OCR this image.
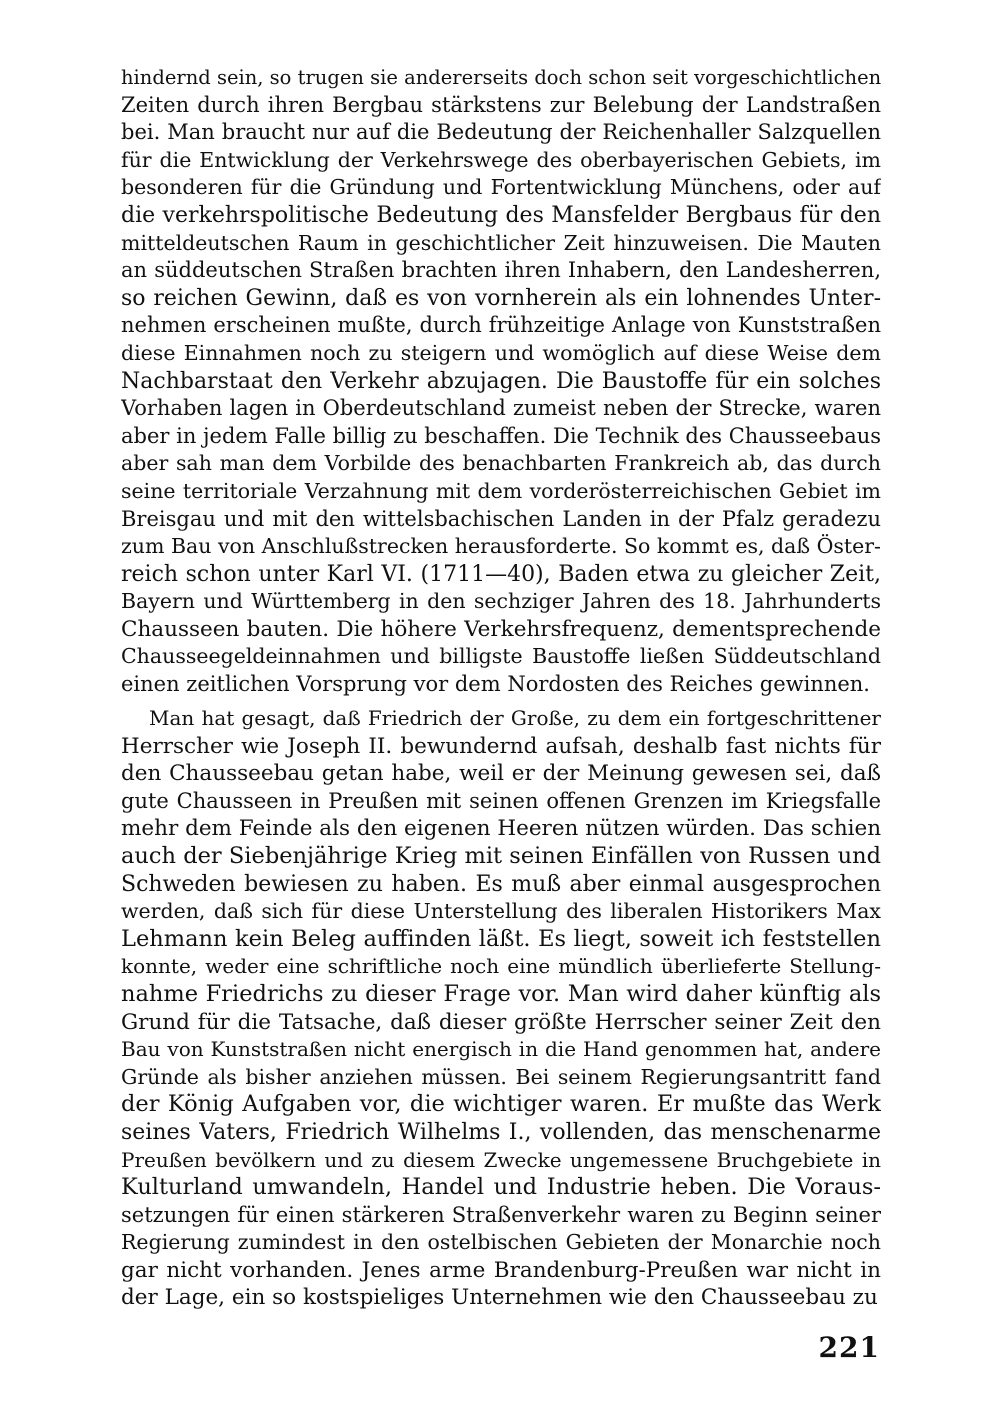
hindernd sein, so trugen sie andererseits doch schon seit vorgeschichtlichen
Zeiten durch ihren Bergbau stärkstens zur Belebung der Landstraßen
bei. Man braucht nur auf die Bedeutung der Reichenhaller Salzquellen
für die Entwicklung der Verkehrswege des oberbayerischen Gebiets, im
besonderen für die Gründung und Fortentwicklung Münchens, oder auf
die verkehrspolitische Bedeutung des Mansfelder Bergbaus für den
mitteldeutschen Raum in geschichtlicher Zeit hinzuweisen. Die Mauten
an süddeutschen Straßen brachten ihren Inhabern, den Landesherren,
so reichen Gewinn, daß es von vornherein als ein lohnendes Unter-
nehmen erscheinen mußte, durch frühzeitige Anlage von Kunststraßen
diese Einnahmen noch zu steigern und womöglich auf diese Weise dem
Nachbarstaat den Verkehr abzujagen. Die Baustoffe für ein solches
Vorhaben lagen in Oberdeutschland zumeist neben der Strecke, waren
aber in jedem Falle billig zu beschaffen. Die Technik des Chausseebaus
aber sah man dem Vorbilde des benachbarten Frankreich ab, das durch
seine territoriale Verzahnung mit dem vorderösterreichischen Gebiet im
Breisgau und mit den wittelsbachischen Landen in der Pfalz geradezu
zum Bau von Anschlußstrecken herausforderte. So kommt es, daß Öster-
reich schon unter Karl VI. (1711—40), Baden etwa zu gleicher Zeit,
Bayern und Württemberg in den sechziger Jahren des 18. Jahrhunderts
Chausseen bauten. Die höhere Verkehrsfrequenz, dementsprechende
Chausseegeldeinnahmen und billigste Baustoffe ließen Süddeutschland
einen zeitlichen Vorsprung vor dem Nordosten des Reiches gewinnen.
Man hat gesagt, daß Friedrich der Große, zu dem ein fortgeschrittener
Herrscher wie Joseph II. bewundernd aufsah, deshalb fast nichts für
den Chausseebau getan habe, weil er der Meinung gewesen sei, daß
gute Chausseen in Preußen mit seinen offenen Grenzen im Kriegsfalle
mehr dem Feinde als den eigenen Heeren nützen würden. Das schien
auch der Siebenjährige Krieg mit seinen Einfällen von Russen und
Schweden bewiesen zu haben. Es muß aber einmal ausgesprochen
werden, daß sich für diese Unterstellung des liberalen Historikers Max
Lehmann kein Beleg auffinden läßt. Es liegt, soweit ich feststellen
konnte, weder eine schriftliche noch eine mündlich überlieferte Stellung-
nahme Friedrichs zu dieser Frage vor. Man wird daher künftig als
Grund für die Tatsache, daß dieser größte Herrscher seiner Zeit den
Bau von Kunststraßen nicht energisch in die Hand genommen hat, andere
Gründe als bisher anziehen müssen. Bei seinem Regierungsantritt fand
der König Aufgaben vor, die wichtiger waren. Er mußte das Werk
seines Vaters, Friedrich Wilhelms I., vollenden, das menschenarme
Preußen bevölkern und zu diesem Zwecke ungemessene Bruchgebiete in
Kulturland umwandeln, Handel und Industrie heben. Die Voraus-
setzungen für einen stärkeren Straßenverkehr waren zu Beginn seiner
Regierung zumindest in den ostelbischen Gebieten der Monarchie noch
gar nicht vorhanden. Jenes arme Brandenburg-Preußen war nicht in
der Lage, ein so kostspieliges Unternehmen wie den Chausseebau zu
221
